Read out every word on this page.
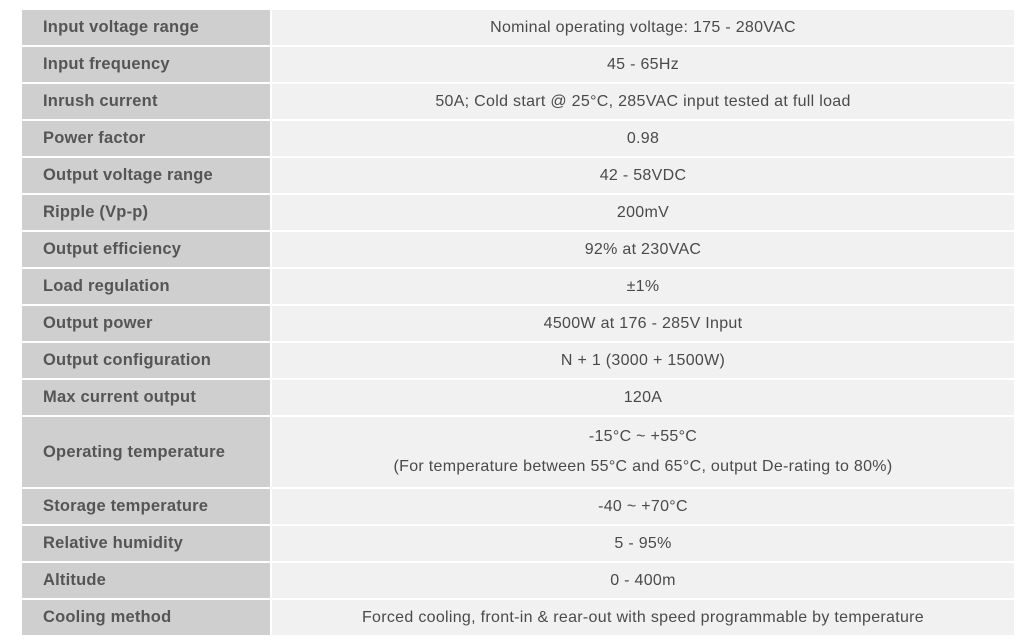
Input voltage range	Nominal operating voltage: 175 - 280VAC
Input frequency	45 - 65Hz
Inrush current	50A; Cold start @ 25°C, 285VAC input tested at full load
Power factor	0.98
Output voltage range	42 - 58VDC
Ripple (Vp-p)	200mV
Output efficiency	92% at 230VAC
Load regulation	±1%
Output power	4500W at 176 - 285V Input
Output configuration	N + 1 (3000 + 1500W)
Max current output	120A
Operating temperature	-15°C ~ +55°C
(For temperature between 55°C and 65°C, output De-rating to 80%)

Storage temperature	-40 ~ +70°C
Relative humidity	5 - 95%
Altitude	0 - 400m
Cooling method	Forced cooling, front-in & rear-out with speed programmable by temperature
